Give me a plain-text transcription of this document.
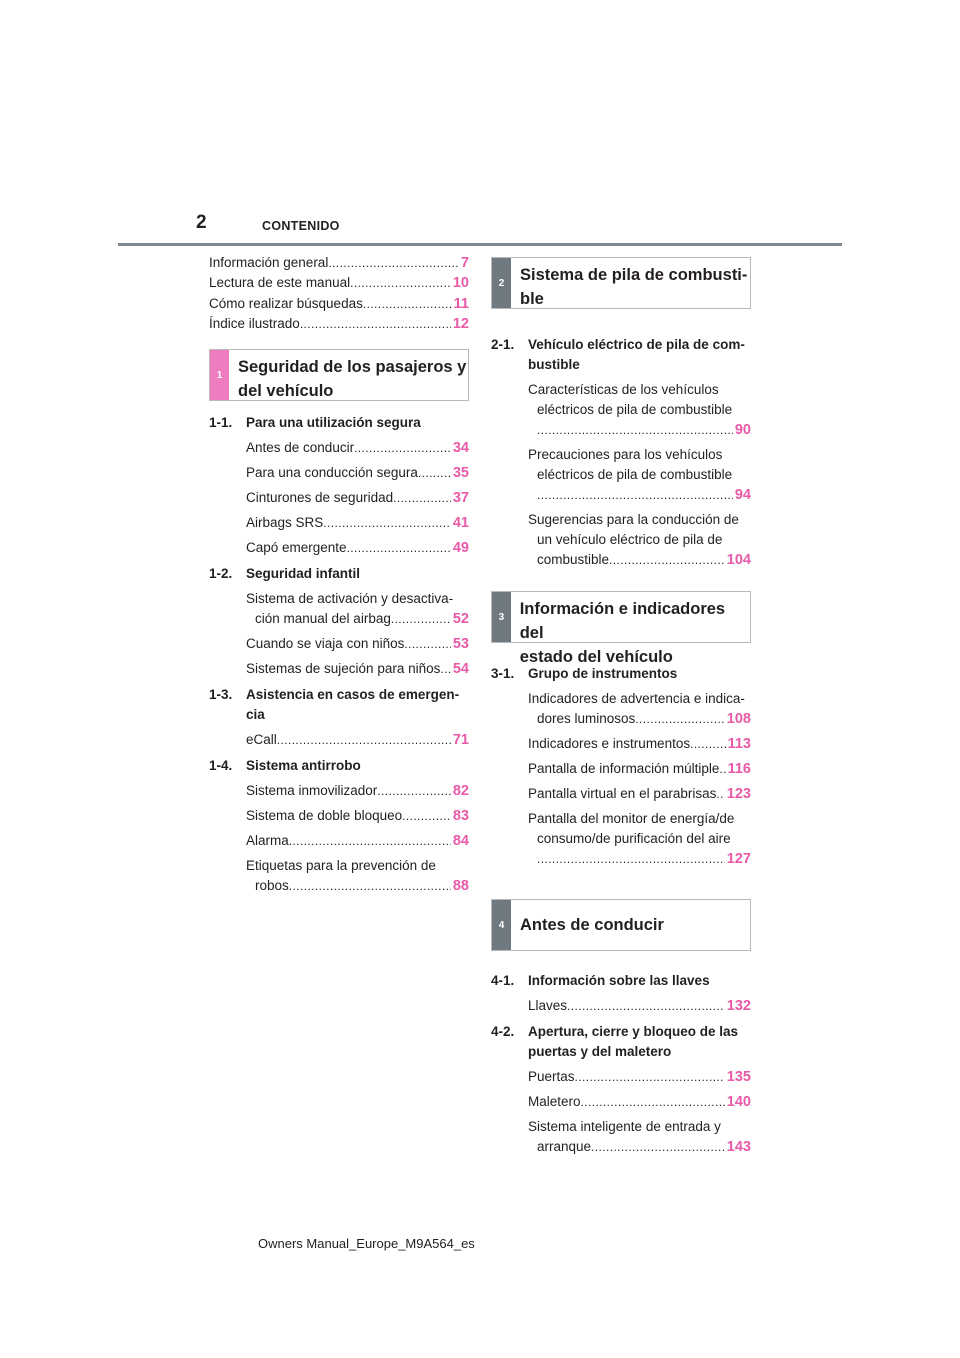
2	CONTENIDO
Información general .....	7
Lectura de este manual .....	10
Cómo realizar búsquedas .....	11
Índice ilustrado .....	12
1 Seguridad de los pasajeros y
del vehículo
1-1.	Para una utilización segura
Antes de conducir .....	34
Para una conducción segura ..... 35
Cinturones de seguridad .....	37
Airbags SRS .....	41
Capó emergente .....	49
1-2.	Seguridad infantil
Sistema de activación y desactiva-
ción manual del airbag .....	52
Cuando se viaja con niños .....	53
Sistemas de sujeción para niños ..... 54
1-3.	Asistencia en casos de emergen-
cia
eCall .....	71
1-4.	Sistema antirrobo
Sistema inmovilizador .....	82
Sistema de doble bloqueo .....	83
Alarma .....	84
Etiquetas para la prevención de
robos .....	88
2 Sistema de pila de combusti-
ble
2-1.	Vehículo eléctrico de pila de com-
bustible
Características de los vehículos
eléctricos de pila de combustible
.....
90
Precauciones para los vehículos
eléctricos de pila de combustible
.....
94
Sugerencias para la conducción de
un vehículo eléctrico de pila de
combustible .....	104
3 Información e indicadores del
estado del vehículo
3-1.	Grupo de instrumentos
Indicadores de advertencia e indica-
dores luminosos .....	108
Indicadores e instrumentos .....	113
Pantalla de información múltiple ..... 116
Pantalla virtual en el parabrisas ..... 123
Pantalla del monitor de energía/de
consumo/de purificación del aire
.....
127
4 Antes de conducir
4-1.	Información sobre las llaves
Llaves .....	132
4-2.	Apertura, cierre y bloqueo de las
puertas y del maletero
Puertas .....	135
Maletero .....	140
Sistema inteligente de entrada y
arranque .....	143
Owners Manual_Europe_M9A564_es
